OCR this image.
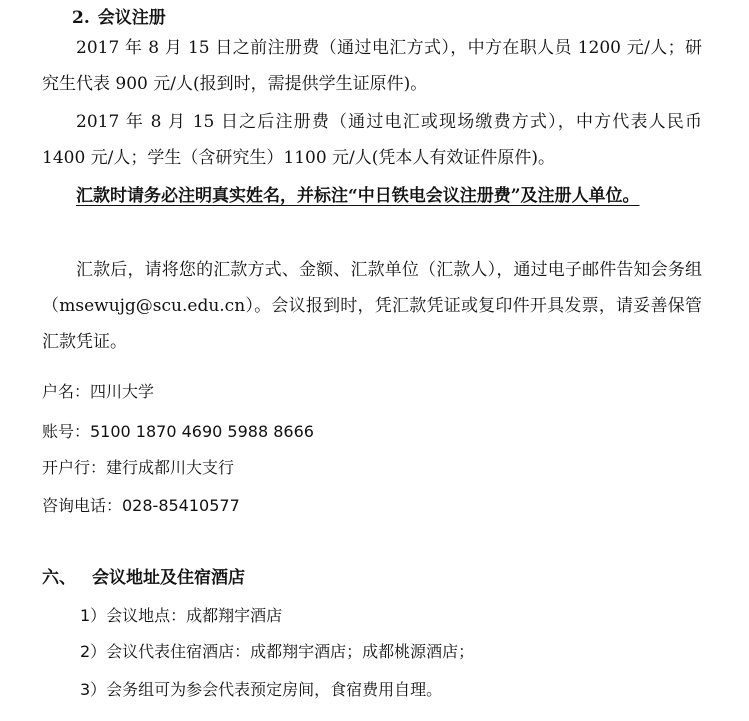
2. 会议注册

2017 年 8 月 15 日之前注册费（通过电汇方式），中方在职人员 1200 元/人；研究生代表 900 元/人(报到时，需提供学生证原件)。

2017 年 8 月 15 日之后注册费（通过电汇或现场缴费方式），中方代表人民币 1400 元/人；学生（含研究生）1100 元/人(凭本人有效证件原件)。

汇款时请务必注明真实姓名，并标注“中日铁电会议注册费”及注册人单位。

汇款后，请将您的汇款方式、金额、汇款单位（汇款人），通过电子邮件告知会务组（msewujg@scu.edu.cn）。会议报到时，凭汇款凭证或复印件开具发票，请妥善保管汇款凭证。

户名：四川大学
账号：5100 1870 4690 5988 8666
开户行：建行成都川大支行
咨询电话：028-85410577
六、 会议地址及住宿酒店
1）会议地点：成都翔宇酒店
2）会议代表住宿酒店：成都翔宇酒店；成都桃源酒店；
3）会务组可为参会代表预定房间，食宿费用自理。
